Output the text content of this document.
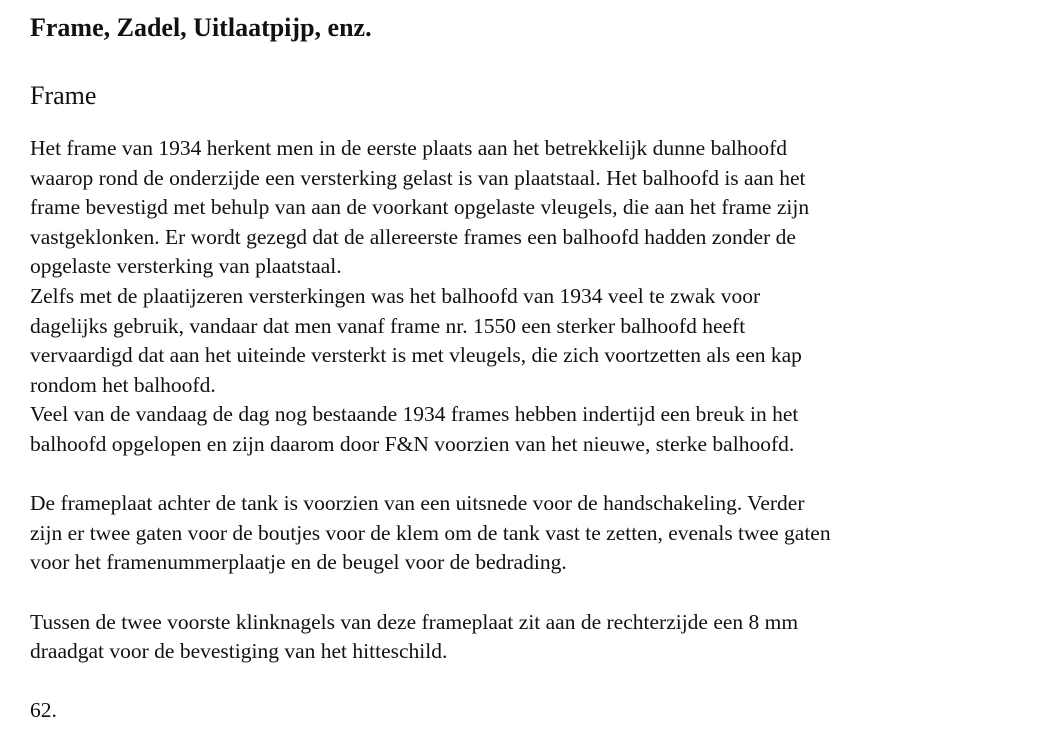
Frame, Zadel, Uitlaatpijp, enz.
Frame

Het frame van 1934 herkent men in de eerste plaats aan het betrekkelijk dunne balhoofd
waarop rond de onderzijde een versterking gelast is van plaatstaal. Het balhoofd is aan het
frame bevestigd met behulp van aan de voorkant opgelaste vleugels, die aan het frame zijn
vastgeklonken. Er wordt gezegd dat de allereerste frames een balhoofd hadden zonder de
opgelaste versterking van plaatstaal.
Zelfs met de plaatijzeren versterkingen was het balhoofd van 1934 veel te zwak voor
dagelijks gebruik, vandaar dat men vanaf frame nr. 1550 een sterker balhoofd heeft
vervaardigd dat aan het uiteinde versterkt is met vleugels, die zich voortzetten als een kap
rondom het balhoofd.
Veel van de vandaag de dag nog bestaande 1934 frames hebben indertijd een breuk in het
balhoofd opgelopen en zijn daarom door F&N voorzien van het nieuwe, sterke balhoofd.

De frameplaat achter de tank is voorzien van een uitsnede voor de handschakeling. Verder
zijn er twee gaten voor de boutjes voor de klem om de tank vast te zetten, evenals twee gaten
voor het framenummerplaatje en de beugel voor de bedrading.

Tussen de twee voorste klinknagels van deze frameplaat zit aan de rechterzijde een 8 mm
draadgat voor de bevestiging van het hitteschild.

62.
